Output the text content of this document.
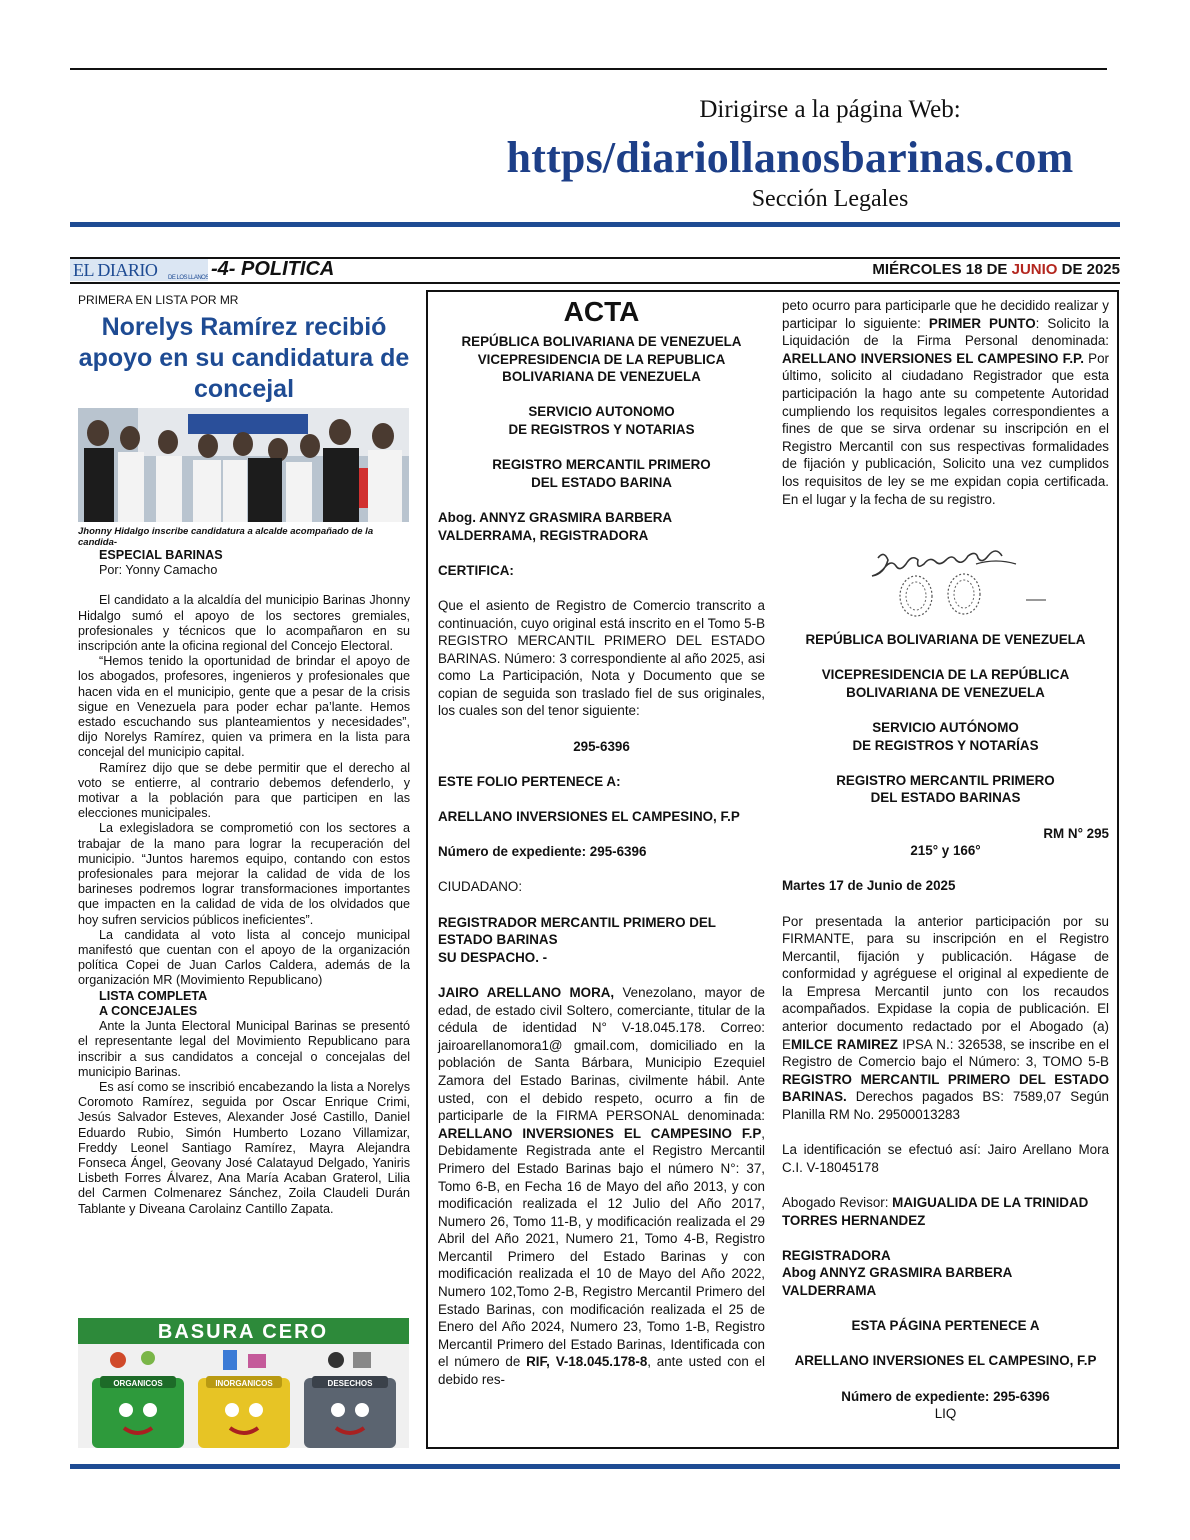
Dirigirse a la página Web:
https/diariollanosbarinas.com
Sección Legales
EL DIARIO DE LOS LLANOS -4- POLITICA	MIÉRCOLES 18 DE JUNIO DE 2025
PRIMERA EN LISTA POR MR
Norelys Ramírez recibió apoyo en su candidatura de concejal
Jhonny Hidalgo inscribe candidatura a alcalde acompañado de la candida-

ESPECIAL BARINAS

Por: Yonny Camacho

El candidato a la alcaldía del municipio Barinas Jhonny Hidalgo sumó el apoyo de los sectores gremiales, profesionales y técnicos que lo acompañaron en su inscripción ante la oficina regional del Concejo Electoral.

“Hemos tenido la oportunidad de brindar el apoyo de los abogados, profesores, ingenieros y profesionales que hacen vida en el municipio, gente que a pesar de la crisis sigue en Venezuela para poder echar pa’lante. Hemos estado escuchando sus planteamientos y necesidades”, dijo Norelys Ramírez, quien va primera en la lista para concejal del municipio capital.

Ramírez dijo que se debe permitir que el derecho al voto se entierre, al contrario debemos defenderlo, y motivar a la población para que participen en las elecciones municipales.

La exlegisladora se comprometió con los sectores a trabajar de la mano para lograr la recuperación del municipio. “Juntos haremos equipo, contando con estos profesionales para mejorar la calidad de vida de los barineses podremos lograr transformaciones importantes que impacten en la calidad de vida de los olvidados que hoy sufren servicios públicos ineficientes”.

La candidata al voto lista al concejo municipal manifestó que cuentan con el apoyo de la organización política Copei de Juan Carlos Caldera, además de la organización MR (Movimiento Republicano)

LISTA COMPLETA

A CONCEJALES

Ante la Junta Electoral Municipal Barinas se presentó el representante legal del Movimiento Republicano para inscribir a sus candidatos a concejal o concejalas del municipio Barinas.

Es así como se inscribió encabezando la lista a Norelys Coromoto Ramírez, seguida por Oscar Enrique Crimi, Jesús Salvador Esteves, Alexander José Castillo, Daniel Eduardo Rubio, Simón Humberto Lozano Villamizar, Freddy Leonel Santiago Ramírez, Mayra Alejandra Fonseca Ángel, Geovany José Calatayud Delgado, Yaniris Lisbeth Forres Álvarez, Ana María Acaban Graterol, Lilia del Carmen Colmenarez Sánchez, Zoila Claudeli Durán Tablante y Diveana Carolainz Cantillo Zapata.

BASURA CERO
ORGANICOS	INORGANICOS	DESECHOS

ACTA

REPÚBLICA BOLIVARIANA DE VENEZUELA VICEPRESIDENCIA DE LA REPUBLICA BOLIVARIANA DE VENEZUELA

SERVICIO AUTONOMO

DE REGISTROS Y NOTARIAS

REGISTRO MERCANTIL PRIMERO

DEL ESTADO BARINA

Abog. ANNYZ GRASMIRA BARBERA VALDERRAMA, REGISTRADORA

CERTIFICA:

Que el asiento de Registro de Comercio transcrito a continuación, cuyo original está inscrito en el Tomo 5-B REGISTRO MERCANTIL PRIMERO DEL ESTADO BARINAS. Número: 3 correspondiente al año 2025, asi como La Participación, Nota y Documento que se copian de seguida son traslado fiel de sus originales, los cuales son del tenor siguiente:

295-6396

ESTE FOLIO PERTENECE A:

ARELLANO INVERSIONES EL CAMPESINO, F.P

Número de expediente: 295-6396

CIUDADANO:

REGISTRADOR MERCANTIL PRIMERO DEL ESTADO BARINAS

SU DESPACHO. -

JAIRO ARELLANO MORA, Venezolano, mayor de edad, de estado civil Soltero, comerciante, titular de la cédula de identidad N° V-18.045.178. Correo: jairoarellanomora1@ gmail.com, domiciliado en la población de Santa Bárbara, Municipio Ezequiel Zamora del Estado Barinas, civilmente hábil. Ante usted, con el debido respeto, ocurro a fin de participarle de la FIRMA PERSONAL denominada: ARELLANO INVERSIONES EL CAMPESINO F.P, Debidamente Registrada ante el Registro Mercantil Primero del Estado Barinas bajo el número N°: 37, Tomo 6-B, en Fecha 16 de Mayo del año 2013, y con modificación realizada el 12 Julio del Año 2017, Numero 26, Tomo 11-B, y modificación realizada el 29 Abril del Año 2021, Numero 21, Tomo 4-B, Registro Mercantil Primero del Estado Barinas y con modificación realizada el 10 de Mayo del Año 2022, Numero 102,Tomo 2-B, Registro Mercantil Primero del Estado Barinas, con modificación realizada el 25 de Enero del Año 2024, Numero 23, Tomo 1-B, Registro Mercantil Primero del Estado Barinas, Identificada con el número de RIF, V-18.045.178-8, ante usted con el debido res-

peto ocurro para participarle que he decidido realizar y participar lo siguiente: PRIMER PUNTO: Solicito la Liquidación de la Firma Personal denominada: ARELLANO INVERSIONES EL CAMPESINO F.P. Por último, solicito al ciudadano Registrador que esta participación la hago ante su competente Autoridad cumpliendo los requisitos legales correspondientes a fines de que se sirva ordenar su inscripción en el Registro Mercantil con sus respectivas formalidades de fijación y publicación, Solicito una vez cumplidos los requisitos de ley se me expidan copia certificada. En el lugar y la fecha de su registro.

REPÚBLICA BOLIVARIANA DE VENEZUELA

VICEPRESIDENCIA DE LA REPÚBLICA

BOLIVARIANA DE VENEZUELA

SERVICIO AUTÓNOMO

DE REGISTROS Y NOTARÍAS

REGISTRO MERCANTIL PRIMERO

DEL ESTADO BARINAS

RM N° 295

215° y 166°

Martes 17 de Junio de 2025

Por presentada la anterior participación por su FIRMANTE, para su inscripción en el Registro Mercantil, fijación y publicación. Hágase de conformidad y agréguese el original al expediente de la Empresa Mercantil junto con los recaudos acompañados. Expidase la copia de publicación. El anterior documento redactado por el Abogado (a) EMILCE RAMIREZ IPSA N.: 326538, se inscribe en el Registro de Comercio bajo el Número: 3, TOMO 5-B REGISTRO MERCANTIL PRIMERO DEL ESTADO BARINAS. Derechos pagados BS: 7589,07 Según Planilla RM No. 29500013283

La identificación se efectuó así: Jairo Arellano Mora C.I. V-18045178

Abogado Revisor: MAIGUALIDA DE LA TRINIDAD TORRES HERNANDEZ

REGISTRADORA

Abog ANNYZ GRASMIRA BARBERA VALDERRAMA

ESTA PÁGINA PERTENECE A

ARELLANO INVERSIONES EL CAMPESINO, F.P

Número de expediente: 295-6396

LIQ
